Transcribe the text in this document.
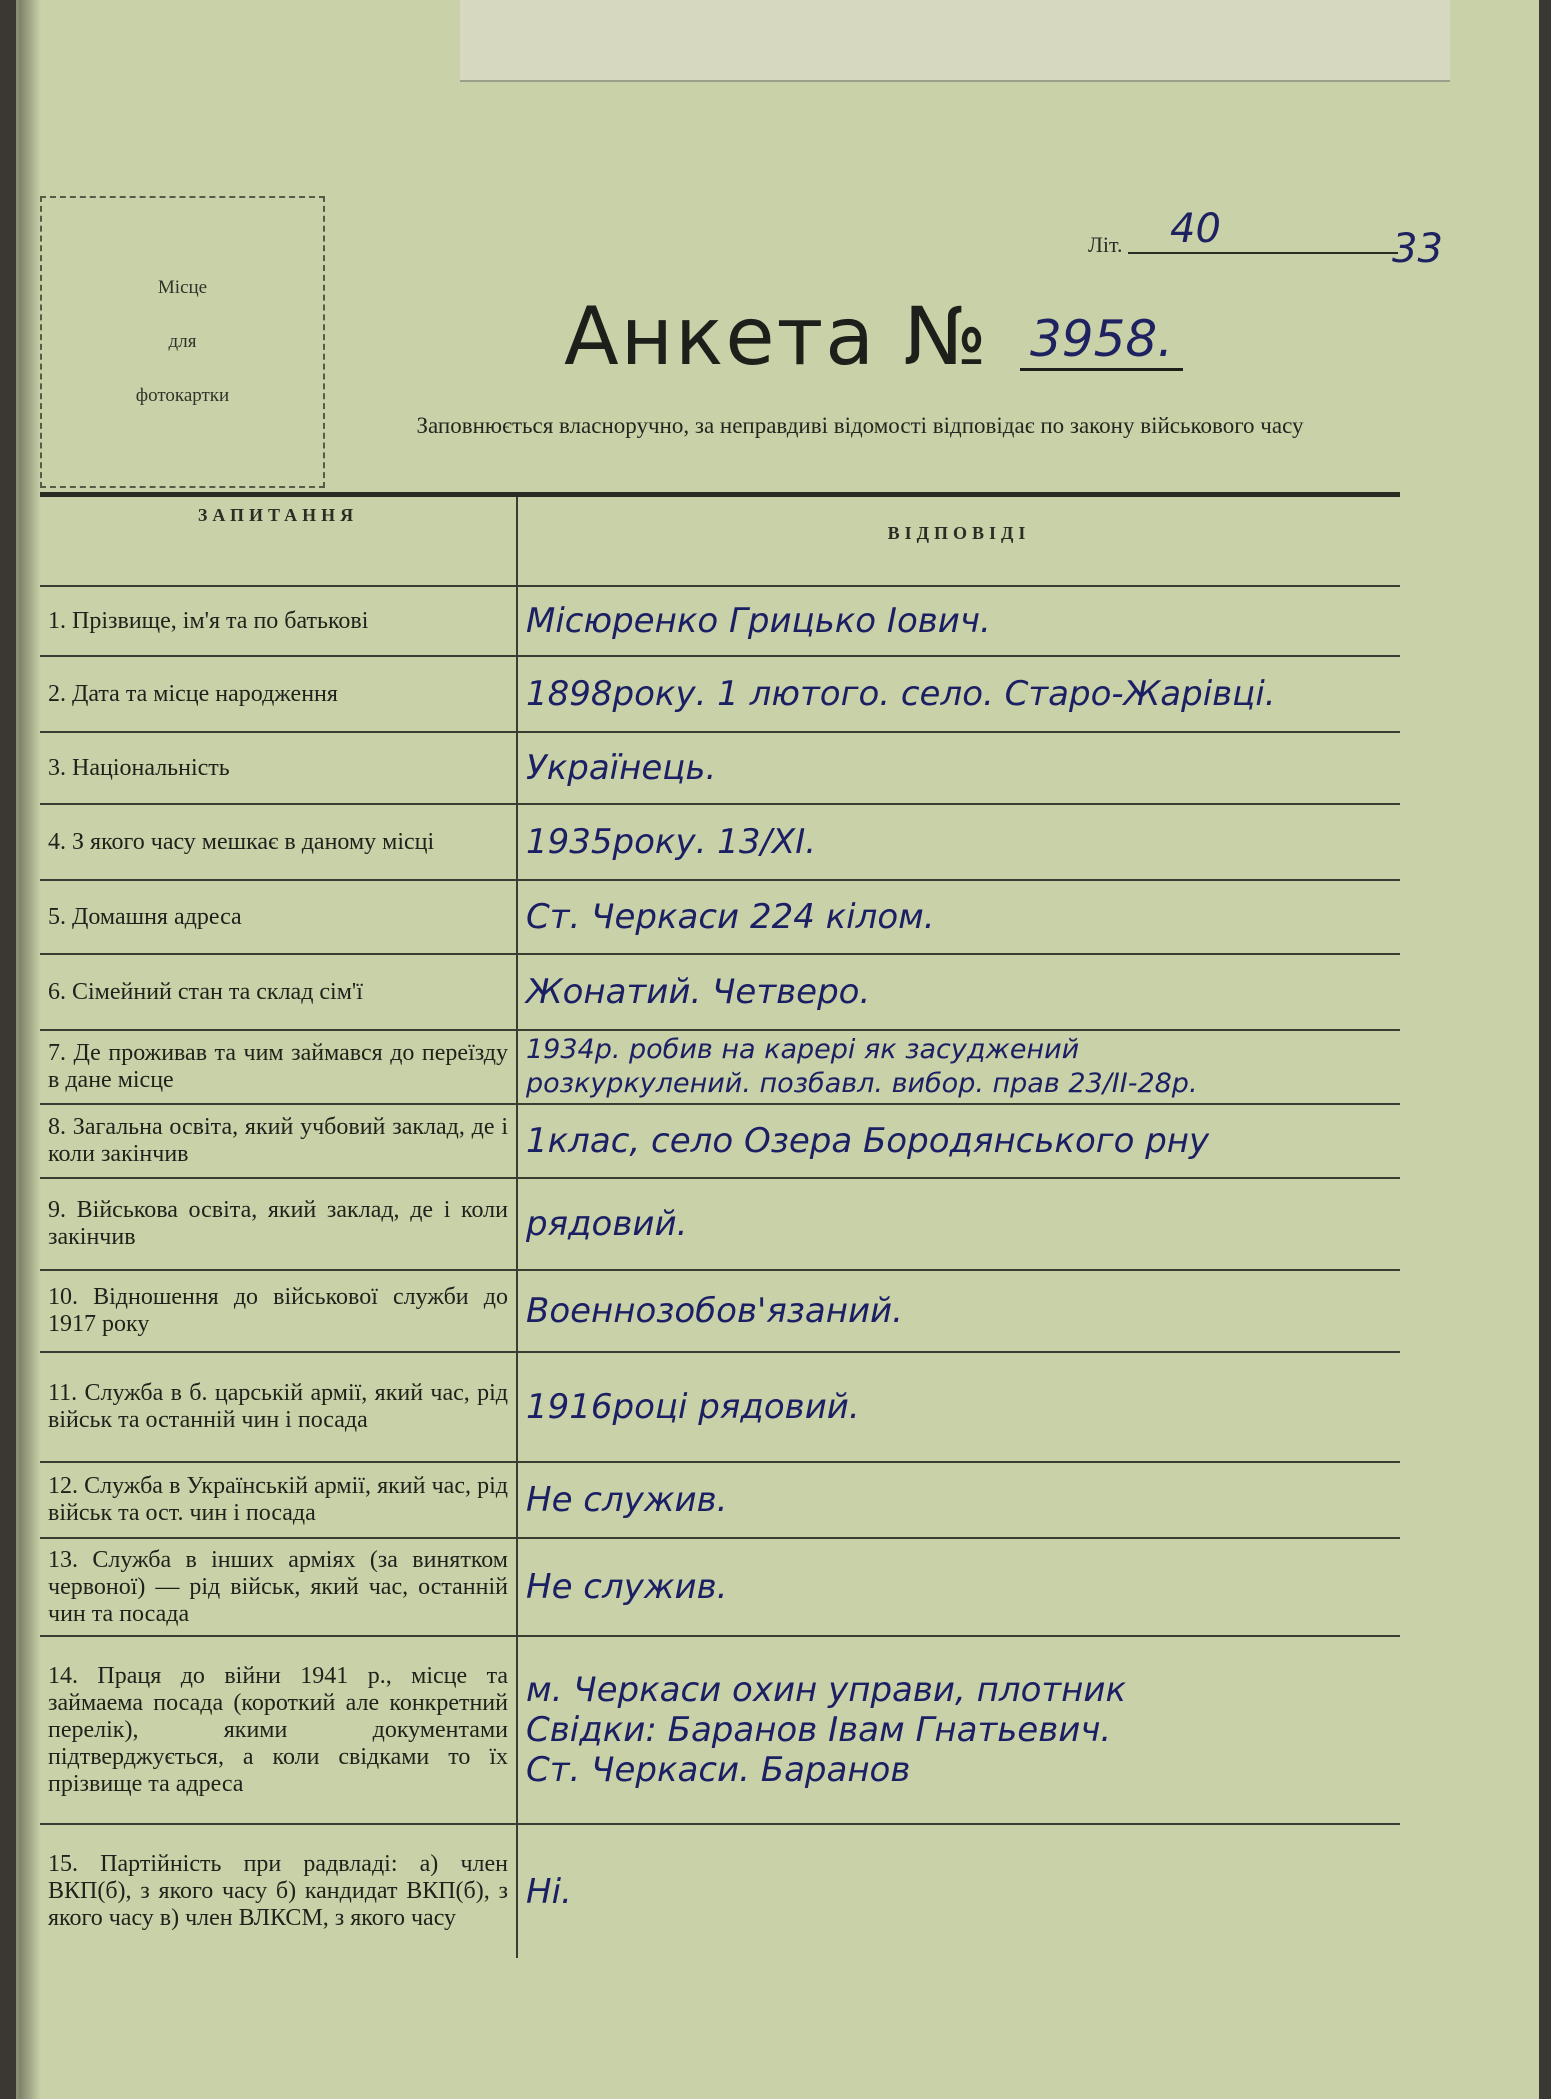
Місце
для
фотокартки
Літ. 40	33
Анкета № 3958.
Заповнюється власноручно, за неправдиві відомості відповідає по закону військового часу
ЗАПИТАННЯ	ВІДПОВІДІ
1. Прізвище, ім'я та по батькові	Місюренко Грицько Іович.

2. Дата та місце народження	1898року. 1 лютого. село. Старо-Жарівці.

3. Національність	Українець.

4. З якого часу мешкає в даному місці	1935року. 13/ХІ.

5. Домашня адреса	Ст. Черкаси 224 кілом.

6. Сімейний стан та склад сім'ї	Жонатий. Четверо.

7. Де проживав та чим займався до переїзду в дане місце	1934р. робив на карері як засуджений
розкуркулений. позбавл. вибор. прав 23/ІІ-28р.

8. Загальна освіта, який учбовий заклад, де і коли закінчив	1клас, село Озера Бородянського рну

9. Військова освіта, який заклад, де і коли закінчив	рядовий.

10. Відношення до військової служби до 1917 року	Военнозобов'язаний.

11. Служба в б. царській армії, який час, рід військ та останній чин і посада	1916році рядовий.

12. Служба в Українській армії, який час, рід військ та ост. чин і посада	Не служив.

13. Служба в інших арміях (за винятком червоної) — рід військ, який час, останній чин та посада	Не служив.

14. Праця до війни 1941 р., місце та займаема посада (короткий але конкретний перелік), якими документами підтверджується, а коли свідками то їх прізвище та адреса	м. Черкаси охин управи, плотник
Свідки: Баранов Івам Гнатьевич.
Ст. Черкаси. Баранов

15. Партійність при радвладі: а) член ВКП(б), з якого часу б) кандидат ВКП(б), з якого часу в) член ВЛКСМ, з якого часу	Ні.
